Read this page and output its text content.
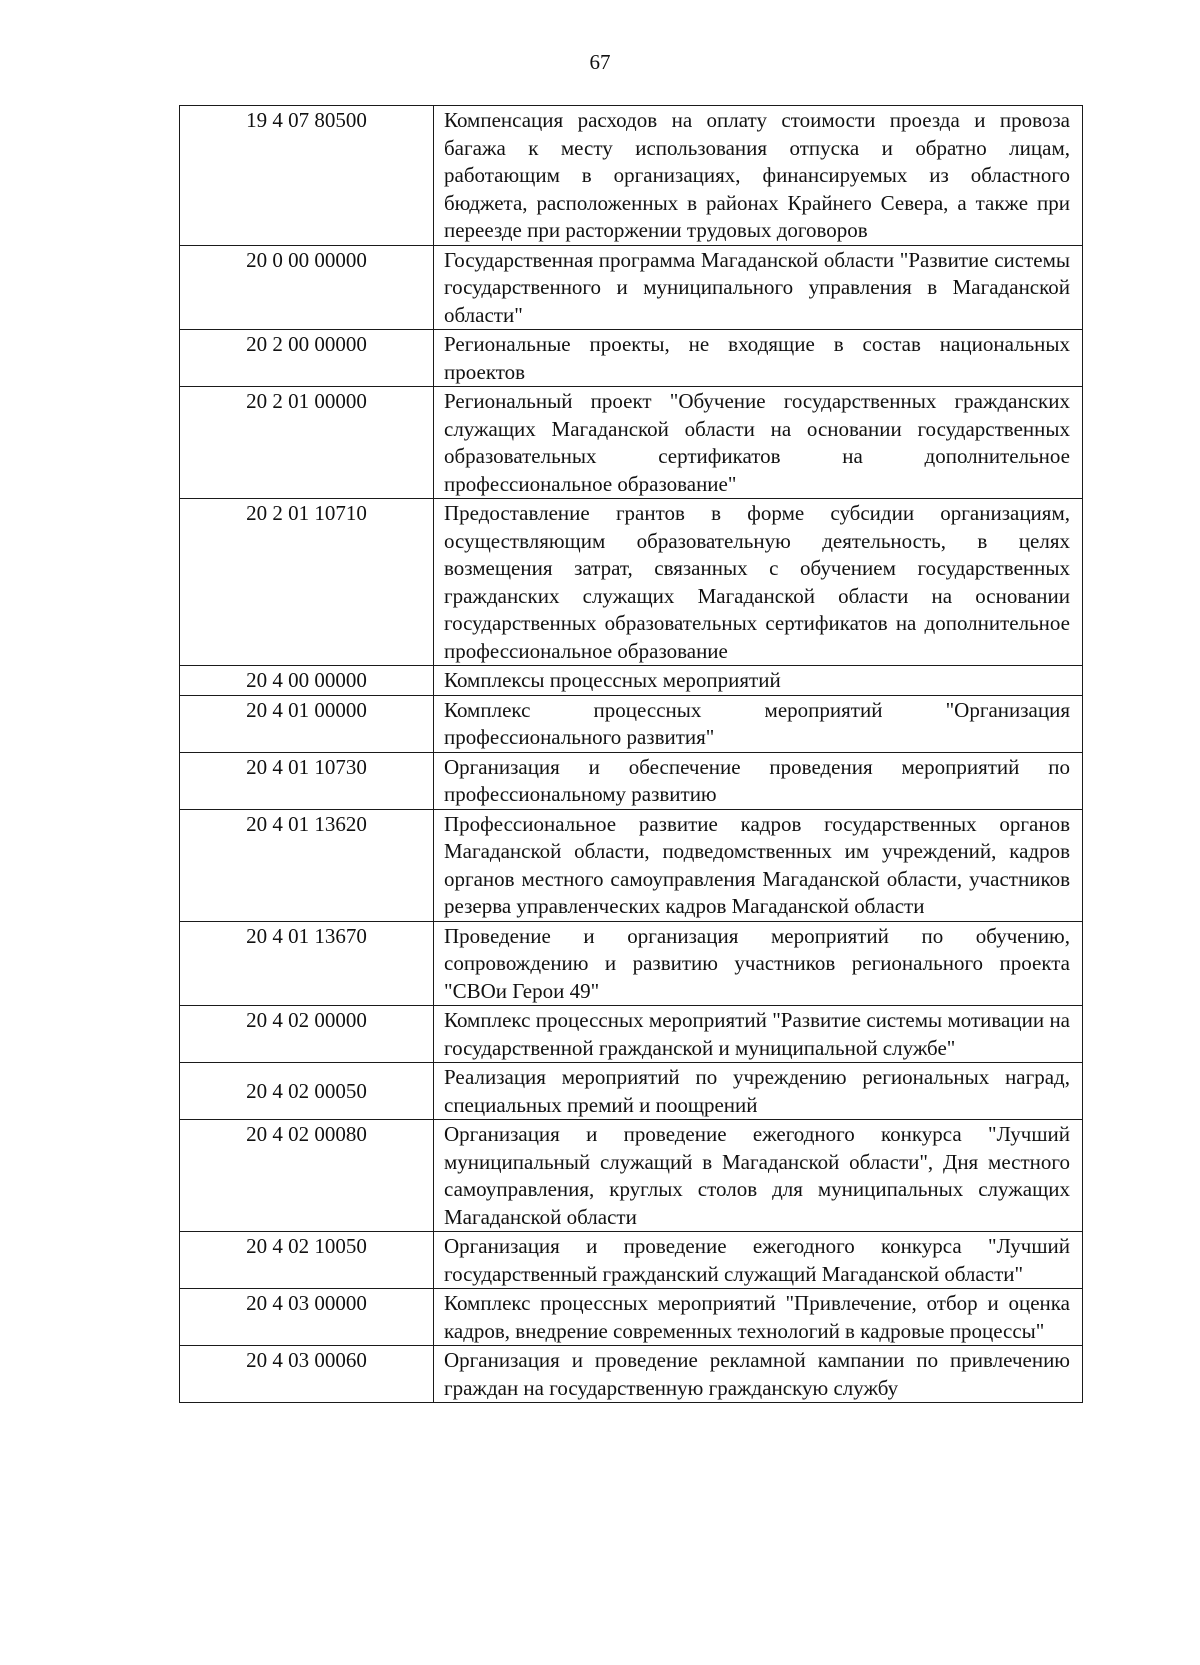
67
19 4 07 80500	Компенсация расходов на оплату стоимости проезда и провоза багажа к месту использования отпуска и обратно лицам, работающим в организациях, финансируемых из областного бюджета, расположенных в районах Крайнего Севера, а также при переезде при расторжении трудовых договоров
20 0 00 00000	Государственная программа Магаданской области "Развитие системы государственного и муниципального управления в Магаданской области"
20 2 00 00000	Региональные проекты, не входящие в состав национальных проектов
20 2 01 00000	Региональный проект "Обучение государственных гражданских служащих Магаданской области на основании государственных образовательных сертификатов на дополнительное профессиональное образование"
20 2 01 10710	Предоставление грантов в форме субсидии организациям, осуществляющим образовательную деятельность, в целях возмещения затрат, связанных с обучением государственных гражданских служащих Магаданской области на основании государственных образовательных сертификатов на дополнительное профессиональное образование
20 4 00 00000	Комплексы процессных мероприятий
20 4 01 00000	Комплекс процессных мероприятий "Организация профессионального развития"
20 4 01 10730	Организация и обеспечение проведения мероприятий по профессиональному развитию
20 4 01 13620	Профессиональное развитие кадров государственных органов Магаданской области, подведомственных им учреждений, кадров органов местного самоуправления Магаданской области, участников резерва управленческих кадров Магаданской области
20 4 01 13670	Проведение и организация мероприятий по обучению, сопровождению и развитию участников регионального проекта "СВОи Герои 49"
20 4 02 00000	Комплекс процессных мероприятий "Развитие системы мотивации на государственной гражданской и муниципальной службе"
20 4 02 00050	Реализация мероприятий по учреждению региональных наград, специальных премий и поощрений
20 4 02 00080	Организация и проведение ежегодного конкурса "Лучший муниципальный служащий в Магаданской области", Дня местного самоуправления, круглых столов для муниципальных служащих Магаданской области
20 4 02 10050	Организация и проведение ежегодного конкурса "Лучший государственный гражданский служащий Магаданской области"
20 4 03 00000	Комплекс процессных мероприятий "Привлечение, отбор и оценка кадров, внедрение современных технологий в кадровые процессы"
20 4 03 00060	Организация и проведение рекламной кампании по привлечению граждан на государственную гражданскую службу
